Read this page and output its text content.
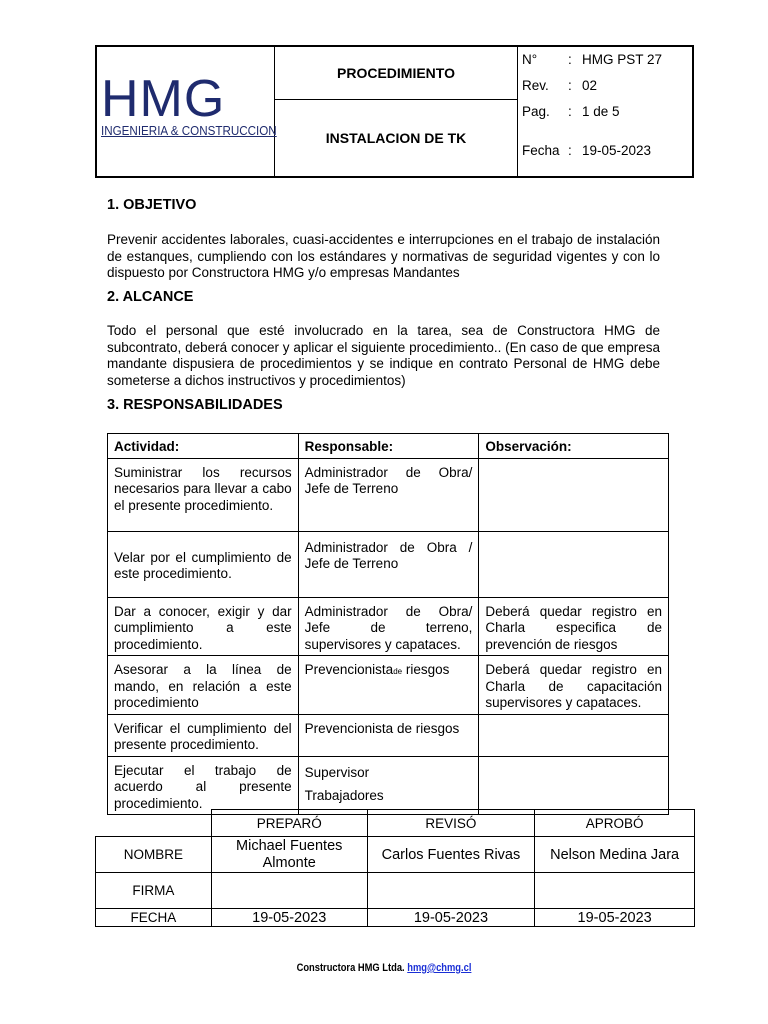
HMG
INGENIERIA & CONSTRUCCION
PROCEDIMIENTO
INSTALACION DE TK
N° : HMG PST 27
Rev. : 02
Pag. : 1 de 5
Fecha : 19-05-2023
1. OBJETIVO
Prevenir accidentes laborales, cuasi-accidentes e interrupciones en el trabajo de instalación de estanques, cumpliendo con los estándares y normativas de seguridad vigentes y con lo dispuesto por Constructora HMG y/o empresas Mandantes
2. ALCANCE
Todo el personal que esté involucrado en la tarea, sea de Constructora HMG de subcontrato, deberá conocer y aplicar el siguiente procedimiento.. (En caso de que empresa mandante dispusiera de procedimientos y se indique en contrato Personal de HMG debe someterse a dichos instructivos y procedimientos)
3. RESPONSABILIDADES
Actividad:	Responsable:	Observación:
Suministrar los recursos necesarios para llevar a cabo el presente procedimiento.	Administrador de Obra/ Jefe de Terreno	
Velar por el cumplimiento de este procedimiento.	Administrador de Obra / Jefe de Terreno	
Dar a conocer, exigir y dar cumplimiento a este procedimiento.	Administrador de Obra/ Jefe de terreno, supervisores y capataces.	Deberá quedar registro en Charla especifica de prevención de riesgos
Asesorar a la línea de mando, en relación a este procedimiento	Prevencionistade riesgos	Deberá quedar registro en Charla de capacitación supervisores y capataces.
Verificar el cumplimiento del presente procedimiento.	Prevencionista de riesgos	
Ejecutar el trabajo de acuerdo al presente procedimiento.	Supervisor
Trabajadores	

	PREPARÓ	REVISÓ	APROBÓ
NOMBRE	Michael Fuentes Almonte	Carlos Fuentes Rivas	Nelson Medina Jara
FIRMA			
FECHA	19-05-2023	19-05-2023	19-05-2023
Constructora HMG Ltda. hmg@chmg.cl
